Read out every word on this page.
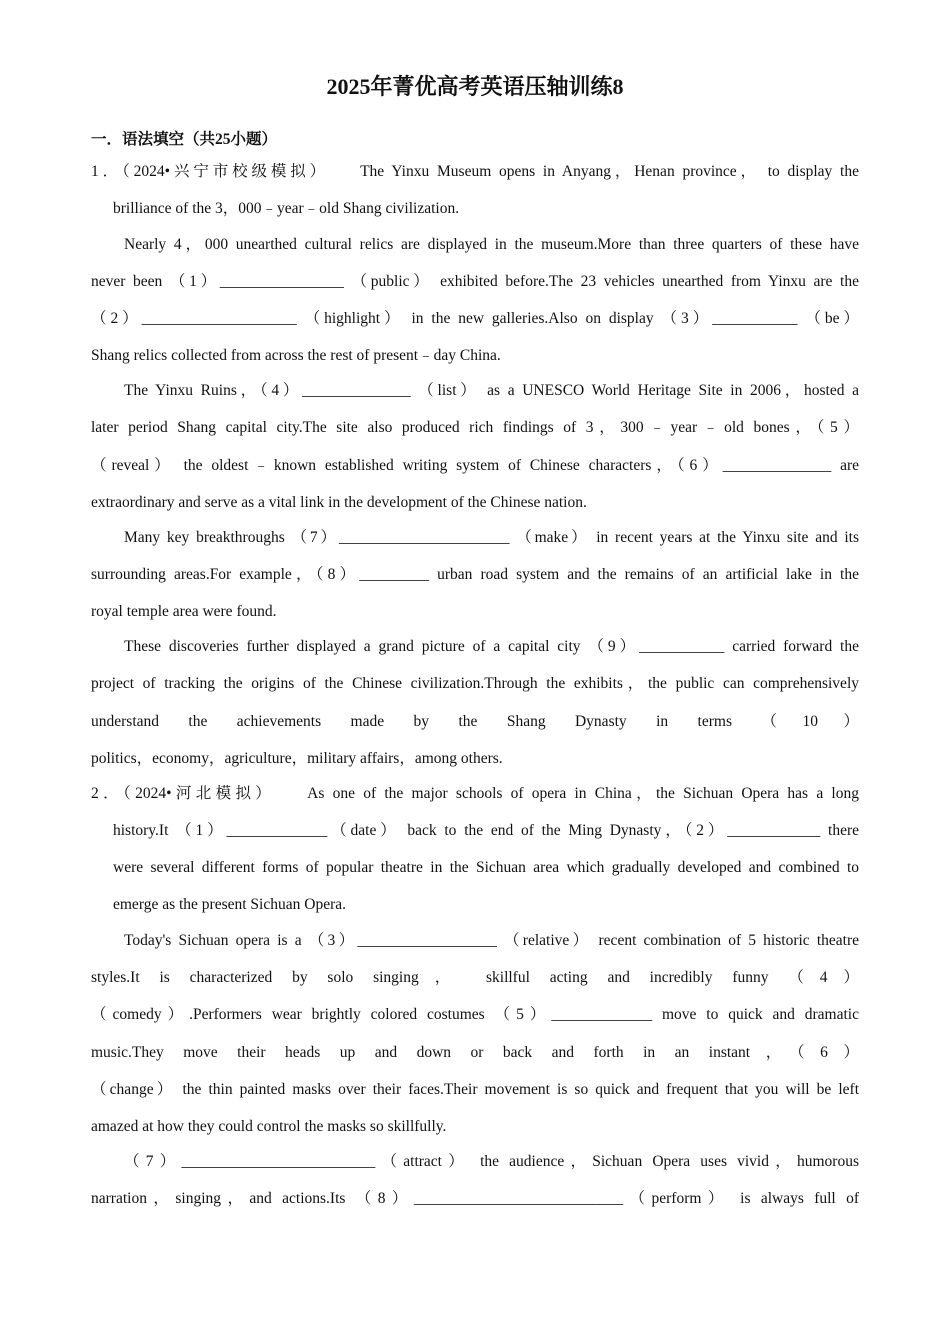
2025年菁优高考英语压轴训练8
一．语法填空（共25小题）
1．（2024•兴宁市校级模拟）　　The Yinxu Museum opens in Anyang，Henan province， to display the
brilliance of the 3，000﹣year﹣old Shang civilization.
Nearly 4，000 unearthed cultural relics are displayed in the museum.More than three quarters of these have
never been （1）________________ （public） exhibited before.The 23 vehicles unearthed from Yinxu are the
（2）____________________ （highlight） in the new galleries.Also on display （3）___________ （be）
Shang relics collected from across the rest of present﹣day China.
The Yinxu Ruins，（4）______________ （list） as a UNESCO World Heritage Site in 2006，hosted a
later period Shang capital city.The site also produced rich findings of 3，300﹣year﹣old bones，（5）
（reveal） the oldest﹣known established writing system of Chinese characters，（6）______________ are
extraordinary and serve as a vital link in the development of the Chinese nation.
Many key breakthroughs （7）______________________ （make） in recent years at the Yinxu site and its
surrounding areas.For example，（8）_________ urban road system and the remains of an artificial lake in the
royal temple area were found.
These discoveries further displayed a grand picture of a capital city （9）___________ carried forward the
project of tracking the origins of the Chinese civilization.Through the exhibits，the public can comprehensively
understand the achievements made by the Shang Dynasty in terms （10）
politics，economy，agriculture，military affairs，among others.
2．（2024•河北模拟）　　As one of the major schools of opera in China，the Sichuan Opera has a long
history.It （1）_____________（date） back to the end of the Ming Dynasty，（2）____________ there
were several different forms of popular theatre in the Sichuan area which gradually developed and combined to
emerge as the present Sichuan Opera.
Today's Sichuan opera is a （3）__________________ （relative） recent combination of 5 historic theatre
styles.It is characterized by solo singing， skillful acting and incredibly funny （4）
（comedy）.Performers wear brightly colored costumes （5）_____________ move to quick and dramatic
music.They move their heads up and down or back and forth in an instant，（6）
（change） the thin painted masks over their faces.Their movement is so quick and frequent that you will be left
amazed at how they could control the masks so skillfully.
（7）_________________________（attract） the audience，Sichuan Opera uses vivid，humorous
narration，singing，and actions.Its （8）___________________________（perform） is always full of
